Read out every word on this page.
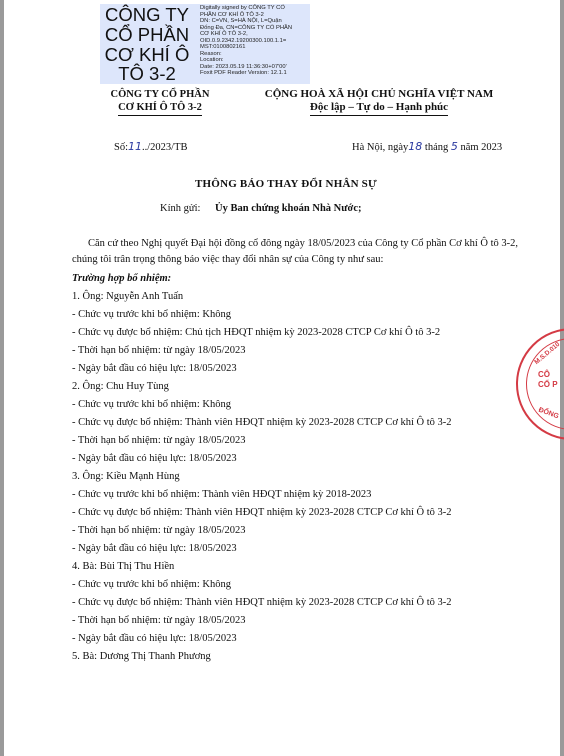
CÔNG TY CỔ PHẦN CƠ KHÍ Ô TÔ 3-2
Digitally signed by CÔNG TY CỔ
PHẦN CƠ KHÍ Ô TÔ 3-2
DN: C=VN, S=HÀ NỘI, L=Quận
Đống Đa, CN=CÔNG TY CỔ PHẦN
CƠ KHÍ Ô TÔ 3-2,
OID.0.9.2342.19200300.100.1.1=
MST:0100802161
Reason:
Location:
Date: 2023.05.19 11:36:30+07'00'
Foxit PDF Reader Version: 12.1.1
CÔNG TY CỔ PHẦN
CƠ KHÍ Ô TÔ 3-2
CỘNG HOÀ XÃ HỘI CHỦ NGHĨA VIỆT NAM
Độc lập – Tự do – Hạnh phúc
Số:11../2023/TB	Hà Nội, ngày18 tháng 5 năm 2023
THÔNG BÁO THAY ĐỔI NHÂN SỰ
Kính gửi: Ủy Ban chứng khoán Nhà Nước;
Căn cứ theo Nghị quyết Đại hội đồng cổ đông ngày 18/05/2023 của Công ty Cổ phần Cơ khí Ô tô 3-2, chúng tôi trân trọng thông báo việc thay đổi nhân sự của Công ty như sau:
Trường hợp bổ nhiệm:
1. Ông: Nguyễn Anh Tuấn
- Chức vụ trước khi bổ nhiệm: Không
- Chức vụ được bổ nhiệm: Chủ tịch HĐQT nhiệm kỳ 2023-2028 CTCP Cơ khí Ô tô 3-2
- Thời hạn bổ nhiệm: từ ngày 18/05/2023
- Ngày bắt đầu có hiệu lực: 18/05/2023
2. Ông: Chu Huy Tùng
- Chức vụ trước khi bổ nhiệm: Không
- Chức vụ được bổ nhiệm: Thành viên HĐQT nhiệm kỳ 2023-2028 CTCP Cơ khí Ô tô 3-2
- Thời hạn bổ nhiệm: từ ngày 18/05/2023
- Ngày bắt đầu có hiệu lực: 18/05/2023
3. Ông: Kiều Mạnh Hùng
- Chức vụ trước khi bổ nhiệm: Thành viên HĐQT nhiệm kỳ 2018-2023
- Chức vụ được bổ nhiệm: Thành viên HĐQT nhiệm kỳ 2023-2028 CTCP Cơ khí Ô tô 3-2
- Thời hạn bổ nhiệm: từ ngày 18/05/2023
- Ngày bắt đầu có hiệu lực: 18/05/2023
4. Bà: Bùi Thị Thu Hiền
- Chức vụ trước khi bổ nhiệm: Không
- Chức vụ được bổ nhiệm: Thành viên HĐQT nhiệm kỳ 2023-2028 CTCP Cơ khí Ô tô 3-2
- Thời hạn bổ nhiệm: từ ngày 18/05/2023
- Ngày bắt đầu có hiệu lực: 18/05/2023
5. Bà: Dương Thị Thanh Phương
M.S.D.010
CÔ
CỔ P
ĐỐNG
